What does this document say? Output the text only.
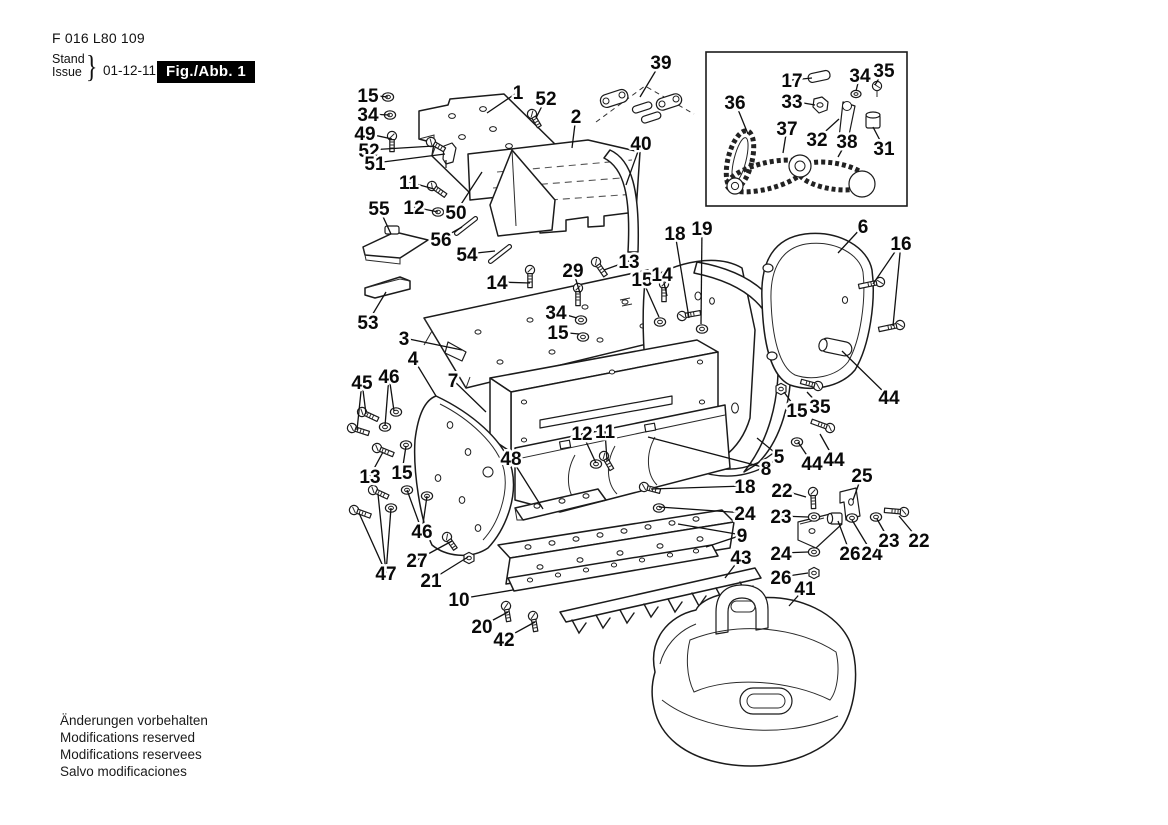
F 016 L80 109
Stand
Issue } 01-12-11 Fig./Abb. 1
1 52
2
40
39
15
34
49
52
51
11
12
55	50
56
54
53
3
4
14
29 13
15
14
34
15
18 19	6
16
17 34 35
36 33
37
32 38 31
7
45 46
13 15
46
47
27
21
48
12 11
8
5
18
24
9
43
10
20
42
44
15 35
44 44
22
23
24
26
25
26 24
23 22
41
Änderungen vorbehalten
Modifications reserved
Modifications reservees
Salvo modificaciones
